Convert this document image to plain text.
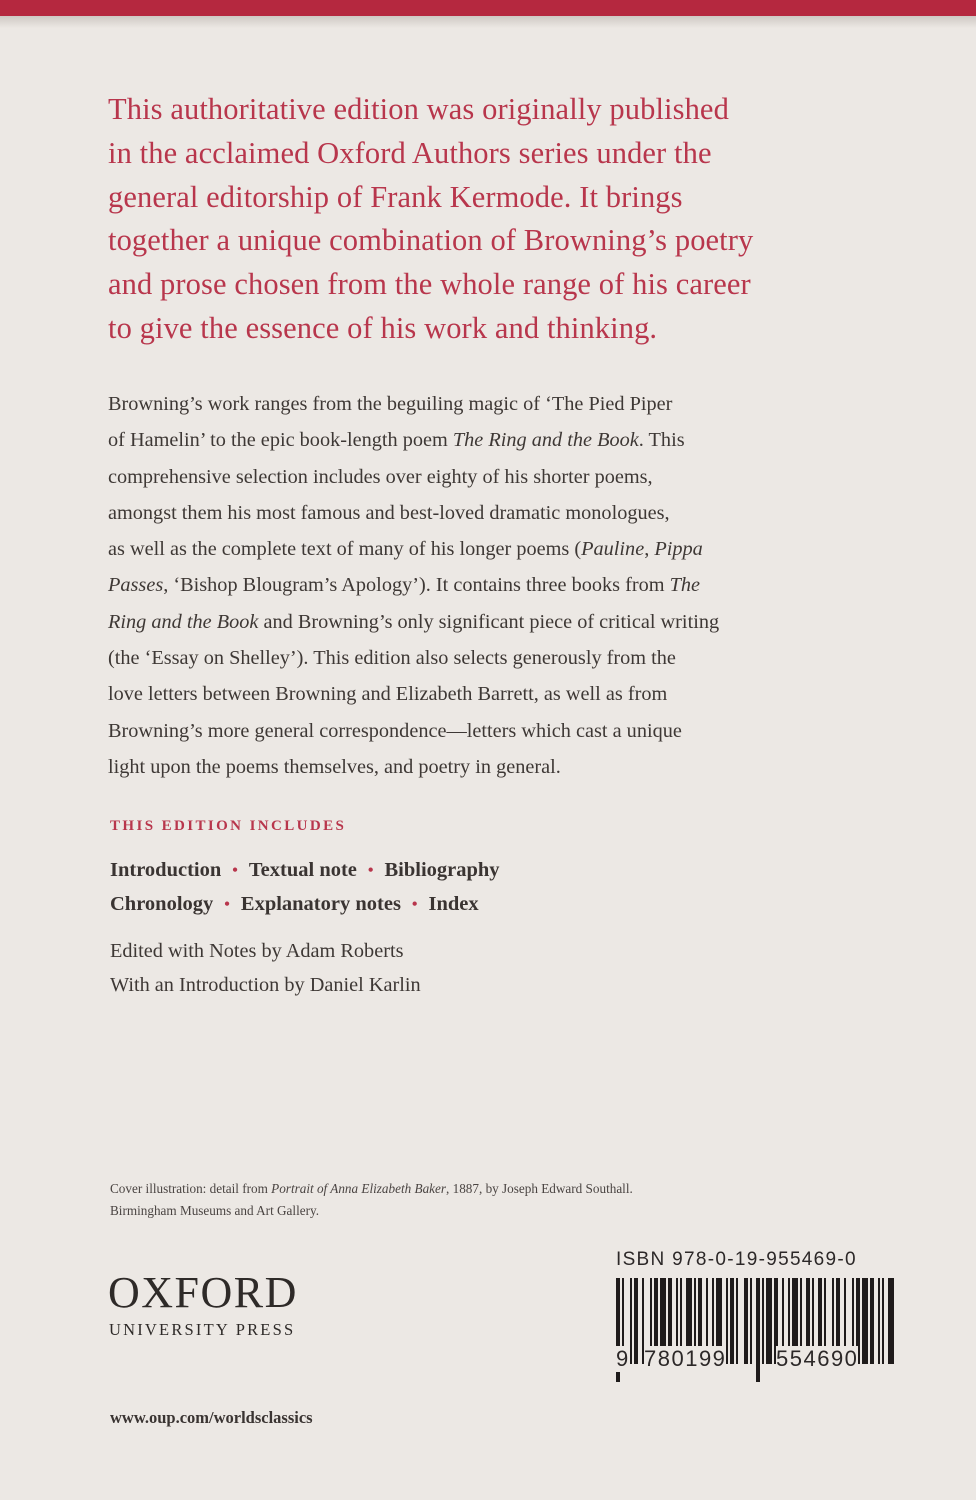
This authoritative edition was originally published

in the acclaimed Oxford Authors series under the

general editorship of Frank Kermode. It brings

together a unique combination of Browning’s poetry

and prose chosen from the whole range of his career

to give the essence of his work and thinking.

Browning’s work ranges from the beguiling magic of ‘The Pied Piper

of Hamelin’ to the epic book-length poem The Ring and the Book. This

comprehensive selection includes over eighty of his shorter poems,

amongst them his most famous and best-loved dramatic monologues,

as well as the complete text of many of his longer poems (Pauline, Pippa

Passes, ‘Bishop Blougram’s Apology’). It contains three books from The

Ring and the Book and Browning’s only significant piece of critical writing

(the ‘Essay on Shelley’). This edition also selects generously from the

love letters between Browning and Elizabeth Barrett, as well as from

Browning’s more general correspondence—letters which cast a unique

light upon the poems themselves, and poetry in general.

THIS EDITION INCLUDES
Introduction • Textual note • Bibliography
Chronology • Explanatory notes • Index
Edited with Notes by Adam Roberts
With an Introduction by Daniel Karlin
Cover illustration: detail from Portrait of Anna Elizabeth Baker, 1887, by Joseph Edward Southall.
Birmingham Museums and Art Gallery.
OXFORD
UNIVERSITY PRESS
ISBN 978-0-19-955469-0
9 780199 554690
www.oup.com/worldsclassics
